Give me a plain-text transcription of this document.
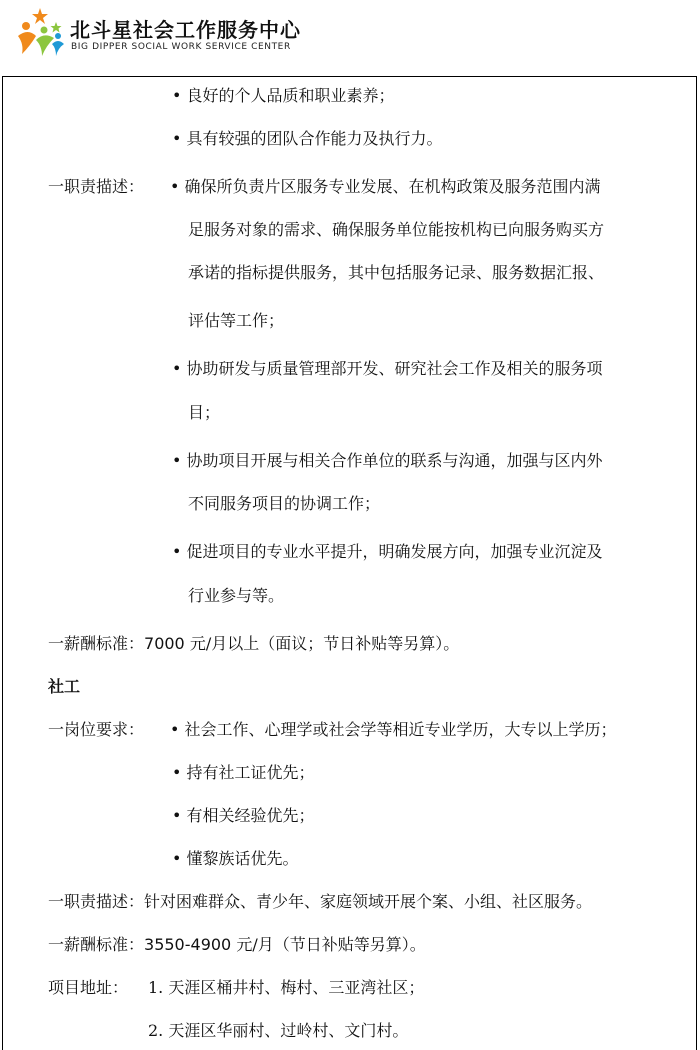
北斗星社会工作服务中心
BIG DIPPER SOCIAL WORK SERVICE CENTER
• 良好的个人品质和职业素养；
• 具有较强的团队合作能力及执行力。
一职责描述： • 确保所负责片区服务专业发展、在机构政策及服务范围内满
足服务对象的需求、确保服务单位能按机构已向服务购买方
承诺的指标提供服务，其中包括服务记录、服务数据汇报、
评估等工作；
• 协助研发与质量管理部开发、研究社会工作及相关的服务项
目；
• 协助项目开展与相关合作单位的联系与沟通，加强与区内外
不同服务项目的协调工作；
• 促进项目的专业水平提升，明确发展方向，加强专业沉淀及
行业参与等。
一薪酬标准：7000 元/月以上（面议；节日补贴等另算）。
社工
一岗位要求： • 社会工作、心理学或社会学等相近专业学历，大专以上学历；
• 持有社工证优先；
• 有相关经验优先；
• 懂黎族话优先。
一职责描述：针对困难群众、青少年、家庭领域开展个案、小组、社区服务。
一薪酬标准：3550-4900 元/月（节日补贴等另算）。
项目地址： 1. 天涯区桶井村、梅村、三亚湾社区；
2. 天涯区华丽村、过岭村、文门村。
